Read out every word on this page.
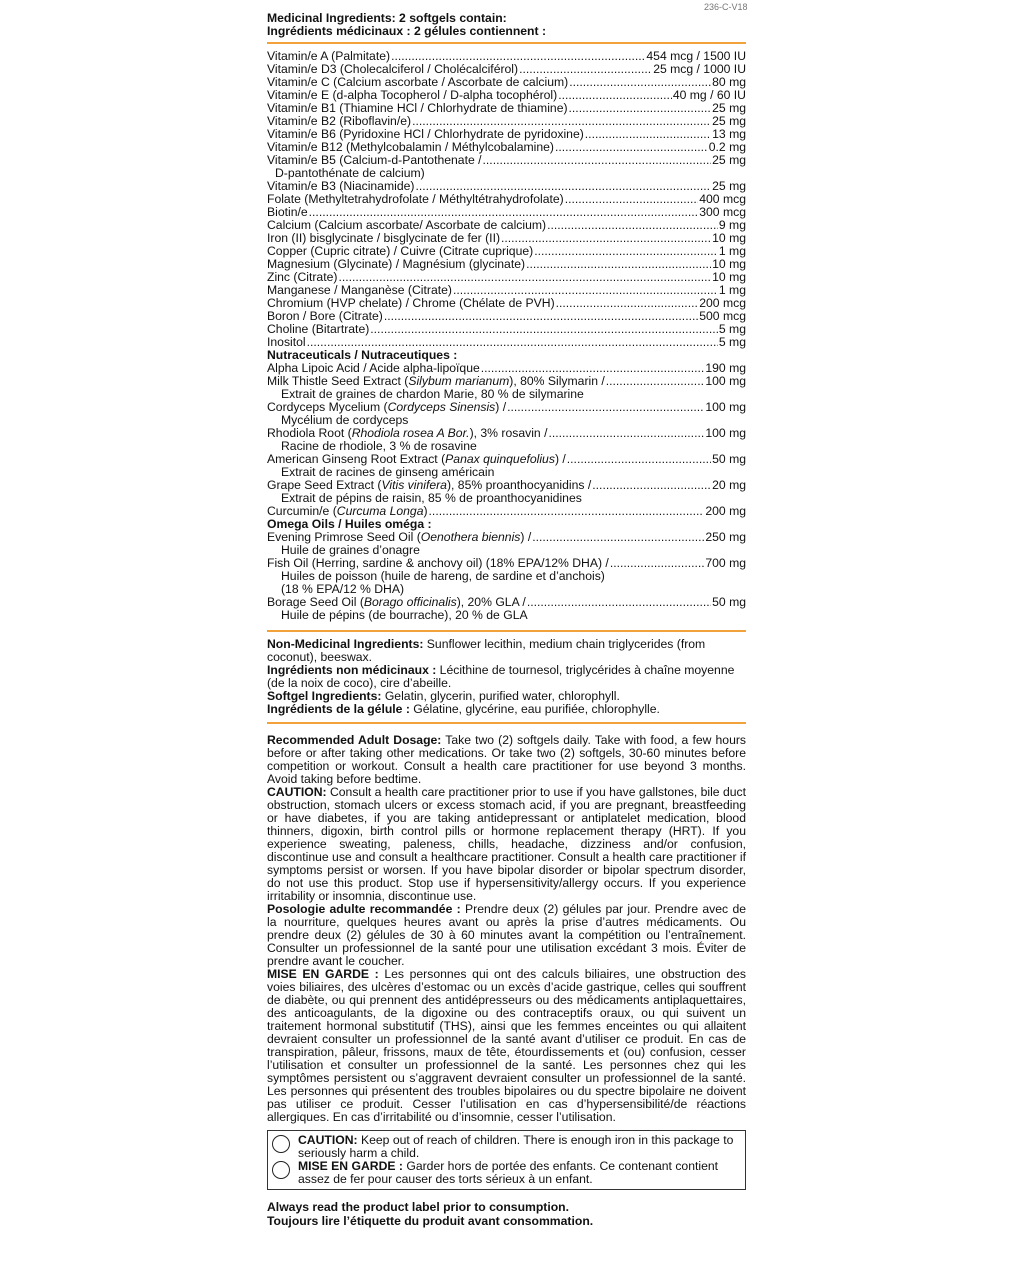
236-C-V18
Medicinal Ingredients: 2 softgels contain:
Ingrédients médicinaux : 2 gélules contiennent :
Vitamin/e A (Palmitate) .....	454 mcg / 1500 IU
Vitamin/e D3 (Cholecalciferol / Cholécalciférol) .....	25 mcg / 1000 IU
Vitamin/e C (Calcium ascorbate / Ascorbate de calcium) .....	80 mg
Vitamin/e E (d-alpha Tocopherol / D-alpha tocophérol) .....	40 mg / 60 IU
Vitamin/e B1 (Thiamine HCl / Chlorhydrate de thiamine) .....	25 mg
Vitamin/e B2 (Riboflavin/e) .....	25 mg
Vitamin/e B6 (Pyridoxine HCl / Chlorhydrate de pyridoxine) .....	13 mg
Vitamin/e B12 (Methylcobalamin / Méthylcobalamine) .....	0.2 mg
Vitamin/e B5 (Calcium-d-Pantothenate / .....	25 mg
D-pantothénate de calcium)
Vitamin/e B3 (Niacinamide) .....	25 mg
Folate (Methyltetrahydrofolate / Méthyltétrahydrofolate) .....	400 mcg
Biotin/e .....	300 mcg
Calcium (Calcium ascorbate/ Ascorbate de calcium) .....	9 mg
Iron (II) bisglycinate / bisglycinate de fer (II) .....	10 mg
Copper (Cupric citrate) / Cuivre (Citrate cuprique) .....	1 mg
Magnesium (Glycinate) / Magnésium (glycinate) .....	10 mg
Zinc (Citrate) .....	10 mg
Manganese / Manganèse (Citrate) .....	1 mg
Chromium (HVP chelate) / Chrome (Chélate de PVH) .....	200 mcg
Boron / Bore (Citrate) .....	500 mcg
Choline (Bitartrate) .....	5 mg
Inositol .....	5 mg
Nutraceuticals / Nutraceutiques :
Alpha Lipoic Acid / Acide alpha-lipoïque .....	190 mg
Milk Thistle Seed Extract (Silybum marianum), 80% Silymarin / .....	100 mg
Extrait de graines de chardon Marie, 80 % de silymarine
Cordyceps Mycelium (Cordyceps Sinensis) / .....	100 mg
Mycélium de cordyceps
Rhodiola Root (Rhodiola rosea A Bor.), 3% rosavin / .....	100 mg
Racine de rhodiole, 3 % de rosavine
American Ginseng Root Extract (Panax quinquefolius) / .....	50 mg
Extrait de racines de ginseng américain
Grape Seed Extract (Vitis vinifera), 85% proanthocyanidins / .....	20 mg
Extrait de pépins de raisin, 85 % de proanthocyanidines
Curcumin/e (Curcuma Longa) .....	200 mg
Omega Oils / Huiles oméga :
Evening Primrose Seed Oil (Oenothera biennis) / .....	250 mg
Huile de graines d’onagre
Fish Oil (Herring, sardine & anchovy oil) (18% EPA/12% DHA) / .....	700 mg
Huiles de poisson (huile de hareng, de sardine et d’anchois)
(18 % EPA/12 % DHA)
Borage Seed Oil (Borago officinalis), 20% GLA / .....	50 mg
Huile de pépins (de bourrache), 20 % de GLA
Non-Medicinal Ingredients: Sunflower lecithin, medium chain triglycerides (from coconut), beeswax.
Ingrédients non médicinaux : Lécithine de tournesol, triglycérides à chaîne moyenne (de la noix de coco), cire d’abeille.
Softgel Ingredients: Gelatin, glycerin, purified water, chlorophyll.
Ingrédients de la gélule : Gélatine, glycérine, eau purifiée, chlorophylle.
Recommended Adult Dosage: Take two (2) softgels daily. Take with food, a few hours before or after taking other medications. Or take two (2) softgels, 30-60 minutes before competition or workout. Consult a health care practitioner for use beyond 3 months. Avoid taking before bedtime.
CAUTION: Consult a health care practitioner prior to use if you have gallstones, bile duct obstruction, stomach ulcers or excess stomach acid, if you are pregnant, breastfeeding or have diabetes, if you are taking antidepressant or antiplatelet medication, blood thinners, digoxin, birth control pills or hormone replacement therapy (HRT). If you experience sweating, paleness, chills, headache, dizziness and/or confusion, discontinue use and consult a healthcare practitioner. Consult a health care practitioner if symptoms persist or worsen. If you have bipolar disorder or bipolar spectrum disorder, do not use this product. Stop use if hypersensitivity/allergy occurs. If you experience irritability or insomnia, discontinue use.
Posologie adulte recommandée : Prendre deux (2) gélules par jour. Prendre avec de la nourriture, quelques heures avant ou après la prise d’autres médicaments. Ou prendre deux (2) gélules de 30 à 60 minutes avant la compétition ou l’entraînement. Consulter un professionnel de la santé pour une utilisation excédant 3 mois. Éviter de prendre avant le coucher.
MISE EN GARDE : Les personnes qui ont des calculs biliaires, une obstruction des voies biliaires, des ulcères d’estomac ou un excès d’acide gastrique, celles qui souffrent de diabète, ou qui prennent des antidépresseurs ou des médicaments antiplaquettaires, des anticoagulants, de la digoxine ou des contraceptifs oraux, ou qui suivent un traitement hormonal substitutif (THS), ainsi que les femmes enceintes ou qui allaitent devraient consulter un professionnel de la santé avant d’utiliser ce produit. En cas de transpiration, pâleur, frissons, maux de tête, étourdissements et (ou) confusion, cesser l’utilisation et consulter un professionnel de la santé. Les personnes chez qui les symptômes persistent ou s’aggravent devraient consulter un professionnel de la santé. Les personnes qui présentent des troubles bipolaires ou du spectre bipolaire ne doivent pas utiliser ce produit. Cesser l’utilisation en cas d’hypersensibilité/de réactions allergiques. En cas d’irritabilité ou d’insomnie, cesser l’utilisation.
CAUTION: Keep out of reach of children. There is enough iron in this package to seriously harm a child.
MISE EN GARDE : Garder hors de portée des enfants. Ce contenant contient assez de fer pour causer des torts sérieux à un enfant.
Always read the product label prior to consumption.
Toujours lire l’étiquette du produit avant consommation.
